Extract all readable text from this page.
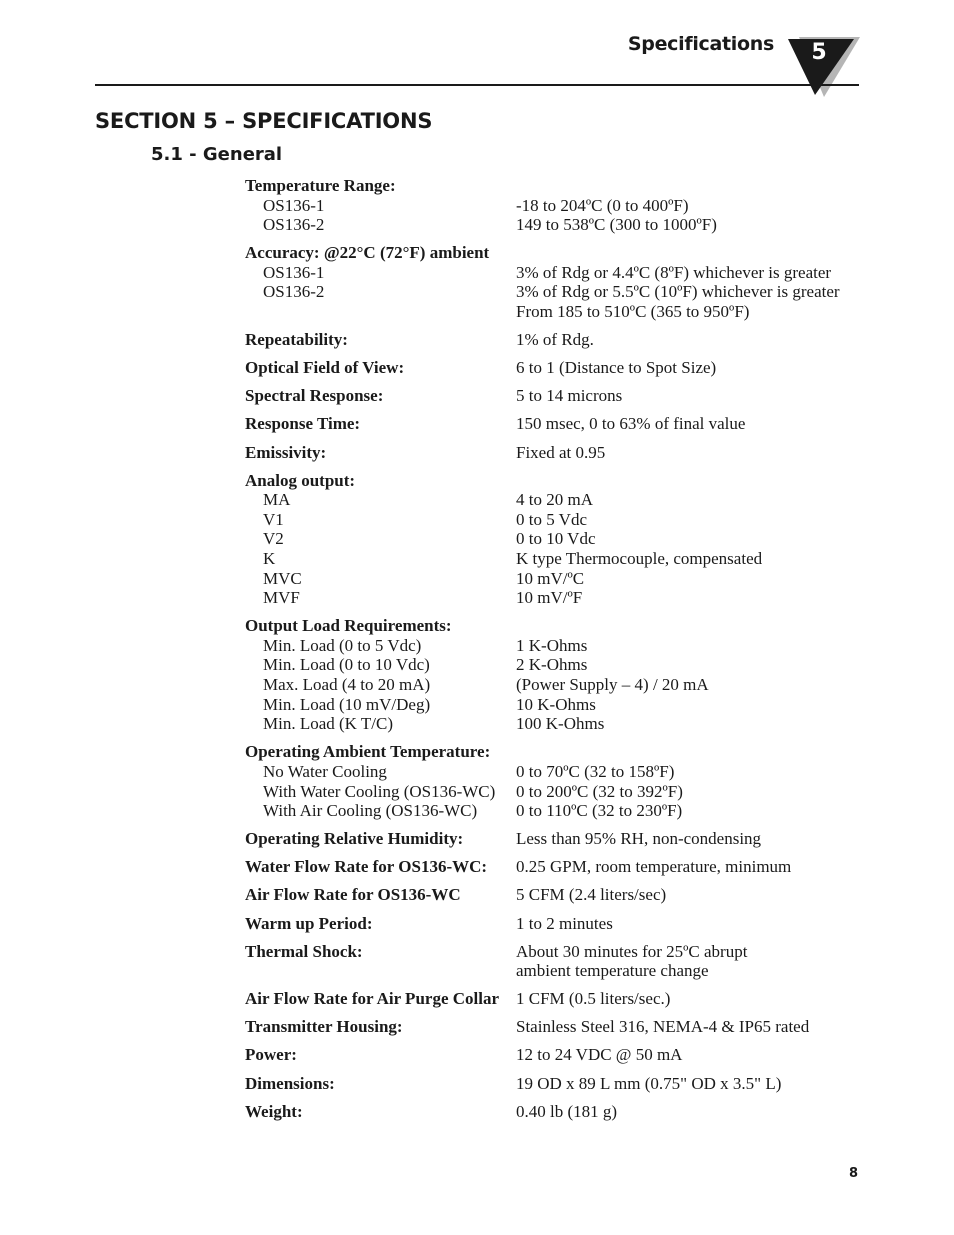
Specifications	5
SECTION 5 – SPECIFICATIONS
5.1 - General
Temperature Range:
OS136-1	-18 to 204ºC (0 to 400ºF)
OS136-2	149 to 538ºC (300 to 1000ºF)
Accuracy: @22°C (72°F) ambient
OS136-1	3% of Rdg or 4.4ºC (8ºF) whichever is greater
OS136-2	3% of Rdg or 5.5ºC (10ºF) whichever is greater
From 185 to 510ºC (365 to 950ºF)
Repeatability:	1% of Rdg.
Optical Field of View:	6 to 1 (Distance to Spot Size)
Spectral Response:	5 to 14 microns
Response Time:	150 msec, 0 to 63% of final value
Emissivity:	Fixed at 0.95
Analog output:
MA	4 to 20 mA
V1	0 to 5 Vdc
V2	0 to 10 Vdc
K	K type Thermocouple, compensated
MVC	10 mV/ºC
MVF	10 mV/ºF
Output Load Requirements:
Min. Load (0 to 5 Vdc)	1 K-Ohms
Min. Load (0 to 10 Vdc)	2 K-Ohms
Max. Load (4 to 20 mA)	(Power Supply – 4) / 20 mA
Min. Load (10 mV/Deg)	10 K-Ohms
Min. Load (K T/C)	100 K-Ohms
Operating Ambient Temperature:
No Water Cooling	0 to 70ºC (32 to 158ºF)
With Water Cooling (OS136-WC)	0 to 200ºC (32 to 392ºF)
With Air Cooling (OS136-WC)	0 to 110ºC (32 to 230ºF)
Operating Relative Humidity:	Less than 95% RH, non-condensing
Water Flow Rate for OS136-WC:	0.25 GPM, room temperature, minimum
Air Flow Rate for OS136-WC	5 CFM (2.4 liters/sec)
Warm up Period:	1 to 2 minutes
Thermal Shock:	About 30 minutes for 25ºC abrupt
ambient temperature change
Air Flow Rate for Air Purge Collar 1 CFM (0.5 liters/sec.)
Transmitter Housing:	Stainless Steel 316, NEMA-4 & IP65 rated
Power:	12 to 24 VDC @ 50 mA
Dimensions:	19 OD x 89 L mm (0.75" OD x 3.5" L)
Weight:	0.40 lb (181 g)
8
